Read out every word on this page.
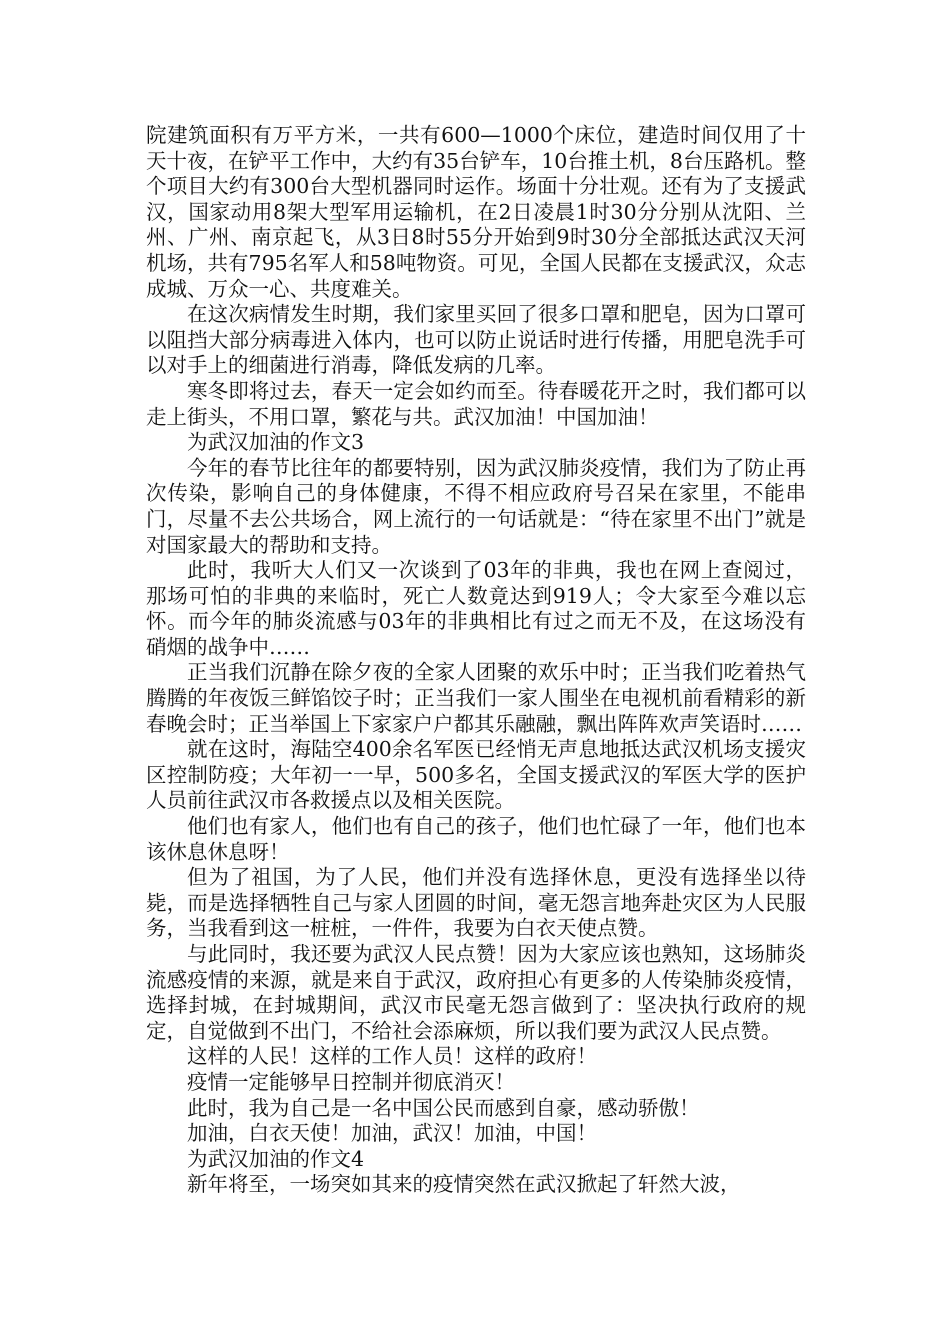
院建筑面积有万平方米，一共有600—1000个床位，建造时间仅用了十天十夜，在铲平工作中，大约有35台铲车，10台推土机，8台压路机。整个项目大约有300台大型机器同时运作。场面十分壮观。还有为了支援武汉，国家动用8架大型军用运输机，在2日凌晨1时30分分别从沈阳、兰州、广州、南京起飞，从3日8时55分开始到9时30分全部抵达武汉天河机场，共有795名军人和58吨物资。可见，全国人民都在支援武汉，众志成城、万众一心、共度难关。

在这次病情发生时期，我们家里买回了很多口罩和肥皂，因为口罩可以阻挡大部分病毒进入体内，也可以防止说话时进行传播，用肥皂洗手可以对手上的细菌进行消毒，降低发病的几率。

寒冬即将过去，春天一定会如约而至。待春暖花开之时，我们都可以走上街头，不用口罩，繁花与共。武汉加油！中国加油！

为武汉加油的作文3

今年的春节比往年的都要特别，因为武汉肺炎疫情，我们为了防止再次传染，影响自己的身体健康，不得不相应政府号召呆在家里，不能串门，尽量不去公共场合，网上流行的一句话就是：“待在家里不出门”就是对国家最大的帮助和支持。

此时，我听大人们又一次谈到了03年的非典，我也在网上查阅过，那场可怕的非典的来临时，死亡人数竟达到919人；令大家至今难以忘怀。而今年的肺炎流感与03年的非典相比有过之而无不及，在这场没有硝烟的战争中……

正当我们沉静在除夕夜的全家人团聚的欢乐中时；正当我们吃着热气腾腾的年夜饭三鲜馅饺子时；正当我们一家人围坐在电视机前看精彩的新春晚会时；正当举国上下家家户户都其乐融融，飘出阵阵欢声笑语时……

就在这时，海陆空400余名军医已经悄无声息地抵达武汉机场支援灾区控制防疫；大年初一一早，500多名，全国支援武汉的军医大学的医护人员前往武汉市各救援点以及相关医院。

他们也有家人，他们也有自己的孩子，他们也忙碌了一年，他们也本该休息休息呀！

但为了祖国，为了人民，他们并没有选择休息，更没有选择坐以待毙，而是选择牺牲自己与家人团圆的时间，毫无怨言地奔赴灾区为人民服务，当我看到这一桩桩，一件件，我要为白衣天使点赞。

与此同时，我还要为武汉人民点赞！因为大家应该也熟知，这场肺炎流感疫情的来源，就是来自于武汉，政府担心有更多的人传染肺炎疫情，选择封城，在封城期间，武汉市民毫无怨言做到了：坚决执行政府的规定，自觉做到不出门，不给社会添麻烦，所以我们要为武汉人民点赞。

这样的人民！这样的工作人员！这样的政府！

疫情一定能够早日控制并彻底消灭！

此时，我为自己是一名中国公民而感到自豪，感动骄傲！

加油，白衣天使！加油，武汉！加油，中国！

为武汉加油的作文4

新年将至，一场突如其来的疫情突然在武汉掀起了轩然大波，
